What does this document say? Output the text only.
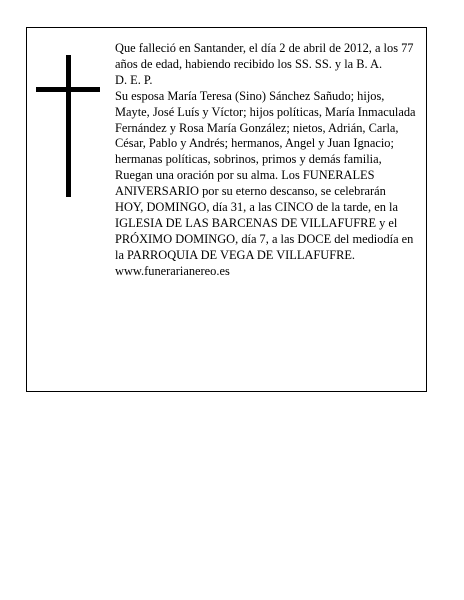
Que falleció en Santander, el día 2 de abril de 2012, a los 77 años de edad, habiendo recibido los SS. SS. y la B. A.

D. E. P.

Su esposa María Teresa (Sino) Sánchez Sañudo; hijos, Mayte, José Luís y Víctor; hijos políticas, María Inmaculada Fernández y Rosa María González; nietos, Adrián, Carla, César, Pablo y Andrés; hermanos, Angel y Juan Ignacio; hermanas políticas, sobrinos, primos y demás familia,

Ruegan una oración por su alma. Los FUNERALES ANIVERSARIO por su eterno descanso, se celebrarán HOY, DOMINGO, día 31, a las CINCO de la tarde, en la IGLESIA DE LAS BARCENAS DE VILLAFUFRE y el PRÓXIMO DOMINGO, día 7, a las DOCE del mediodía en la PARROQUIA DE VEGA DE VILLAFUFRE.

www.funerarianereo.es
